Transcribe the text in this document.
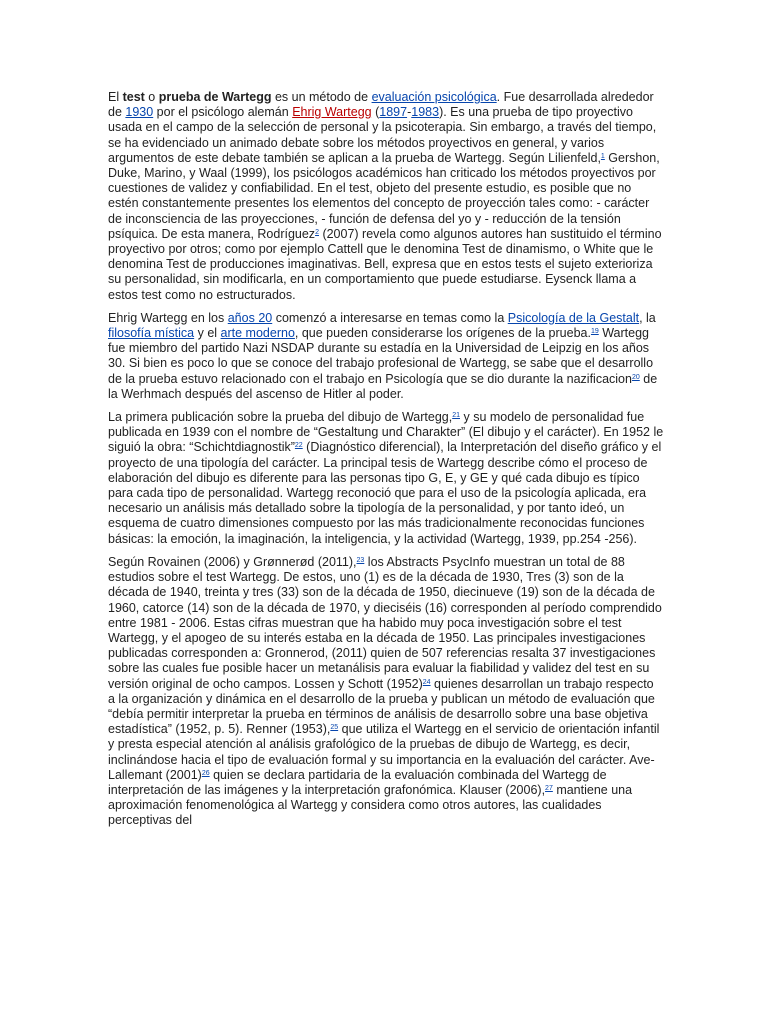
El test o prueba de Wartegg es un método de evaluación psicológica. Fue desarrollada alrededor de 1930 por el psicólogo alemán Ehrig Wartegg (1897-1983). Es una prueba de tipo proyectivo usada en el campo de la selección de personal y la psicoterapia. Sin embargo, a través del tiempo, se ha evidenciado un animado debate sobre los métodos proyectivos en general, y varios argumentos de este debate también se aplican a la prueba de Wartegg. Según Lilienfeld,$^1$ Gershon, Duke, Marino, y Waal (1999), los psicólogos académicos han criticado los métodos proyectivos por cuestiones de validez y confiabilidad. En el test, objeto del presente estudio, es posible que no estén constantemente presentes los elementos del concepto de proyección tales como: - carácter de inconsciencia de las proyecciones, - función de defensa del yo y - reducción de la tensión psíquica. De esta manera, Rodríguez$^2$ (2007) revela como algunos autores han sustituido el término proyectivo por otros; como por ejemplo Cattell que le denomina Test de dinamismo, o White que le denomina Test de producciones imaginativas. Bell, expresa que en estos tests el sujeto exterioriza su personalidad, sin modificarla, en un comportamiento que puede estudiarse. Eysenck llama a estos test como no estructurados.

Ehrig Wartegg en los años 20 comenzó a interesarse en temas como la Psicología de la Gestalt, la filosofía mística y el arte moderno, que pueden considerarse los orígenes de la prueba.$^{19}$ Wartegg fue miembro del partido Nazi NSDAP durante su estadía en la Universidad de Leipzig en los años 30. Si bien es poco lo que se conoce del trabajo profesional de Wartegg, se sabe que el desarrollo de la prueba estuvo relacionado con el trabajo en Psicología que se dio durante la nazificacion$^{20}$ de la Werhmach después del ascenso de Hitler al poder.

La primera publicación sobre la prueba del dibujo de Wartegg,$^{21}$ y su modelo de personalidad fue publicada en 1939 con el nombre de “Gestaltung und Charakter” (El dibujo y el carácter). En 1952 le siguió la obra: “Schichtdiagnostik”$^{22}$ (Diagnóstico diferencial), la Interpretación del diseño gráfico y el proyecto de una tipología del carácter. La principal tesis de Wartegg describe cómo el proceso de elaboración del dibujo es diferente para las personas tipo G, E, y GE y qué cada dibujo es típico para cada tipo de personalidad. Wartegg reconoció que para el uso de la psicología aplicada, era necesario un análisis más detallado sobre la tipología de la personalidad, y por tanto ideó, un esquema de cuatro dimensiones compuesto por las más tradicionalmente reconocidas funciones básicas: la emoción, la imaginación, la inteligencia, y la actividad (Wartegg, 1939, pp.254 -256).

Según Rovainen (2006) y Grønnerød (2011),$^{23}$ los Abstracts PsycInfo muestran un total de 88 estudios sobre el test Wartegg. De estos, uno (1) es de la década de 1930, Tres (3) son de la década de 1940, treinta y tres (33) son de la década de 1950, diecinueve (19) son de la década de 1960, catorce (14) son de la década de 1970, y dieciséis (16) corresponden al período comprendido entre 1981 - 2006. Estas cifras muestran que ha habido muy poca investigación sobre el test Wartegg, y el apogeo de su interés estaba en la década de 1950. Las principales investigaciones publicadas corresponden a: Gronnerod, (2011) quien de 507 referencias resalta 37 investigaciones sobre las cuales fue posible hacer un metanálisis para evaluar la fiabilidad y validez del test en su versión original de ocho campos. Lossen y Schott $(1952)^{24}$ quienes desarrollan un trabajo respecto a la organización y dinámica en el desarrollo de la prueba y publican un método de evaluación que “debía permitir interpretar la prueba en términos de análisis de desarrollo sobre una base objetiva estadística” (1952, p. 5). Renner (1953),$^{25}$ que utiliza el Wartegg en el servicio de orientación infantil y presta especial atención al análisis grafológico de la pruebas de dibujo de Wartegg, es decir, inclinándose hacia el tipo de evaluación formal y su importancia en la evaluación del carácter. Ave-Lallemant $(2001)^{26}$ quien se declara partidaria de la evaluación combinada del Wartegg de interpretación de las imágenes y la interpretación grafonómica. Klauser (2006),$^{27}$ mantiene una aproximación fenomenológica al Wartegg y considera como otros autores, las cualidades perceptivas del
